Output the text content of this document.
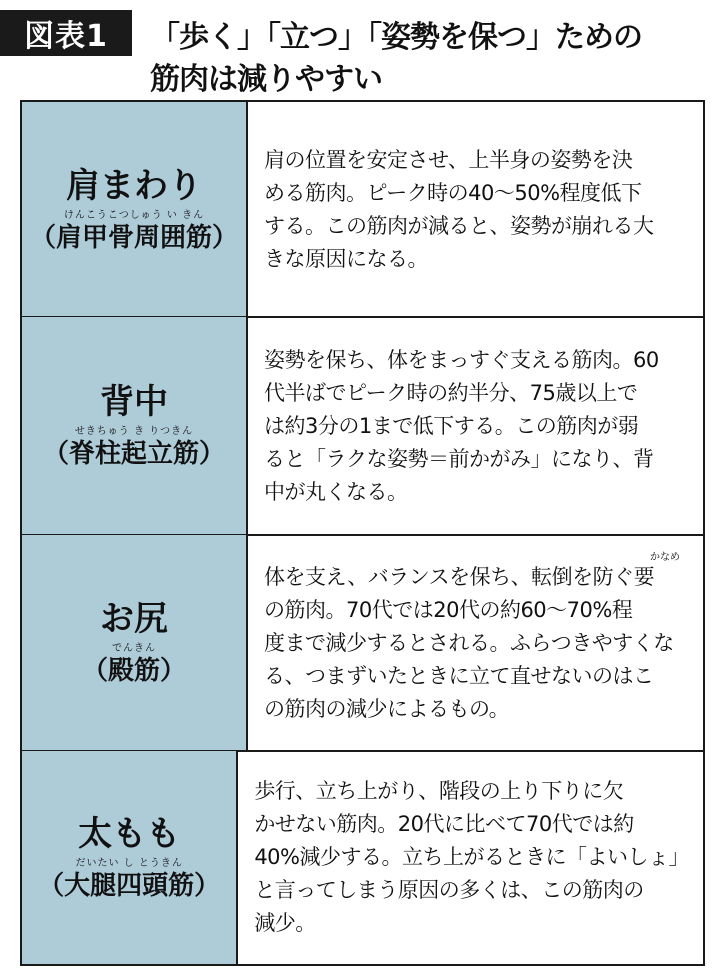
図表1	「歩く」「立つ」「姿勢を保つ」ための
筋肉は減りやすい
肩まわり
けんこうこつしゅう い きん
（肩甲骨周囲筋）
肩の位置を安定させ、上半身の姿勢を決
める筋肉。ピーク時の40～50%程度低下
する。この筋肉が減ると、姿勢が崩れる大
きな原因になる。
背中
せきちゅう き りつきん
（脊柱起立筋）
姿勢を保ち、体をまっすぐ支える筋肉。60
代半ばでピーク時の約半分、75歳以上で
は約3分の1まで低下する。この筋肉が弱
ると「ラクな姿勢＝前かがみ」になり、背
中が丸くなる。
お尻
でんきん
（殿筋）
体を支え、バランスを保ち、転倒を防ぐ要
の筋肉。70代では20代の約60～70%程
度まで減少するとされる。ふらつきやすくな
る、つまずいたときに立て直せないのはこ
の筋肉の減少によるもの。
太もも
だいたい し とうきん
（大腿四頭筋）
歩行、立ち上がり、階段の上り下りに欠
かせない筋肉。20代に比べて70代では約
40%減少する。立ち上がるときに「よいしょ」
と言ってしまう原因の多くは、この筋肉の
減少。
かなめ
